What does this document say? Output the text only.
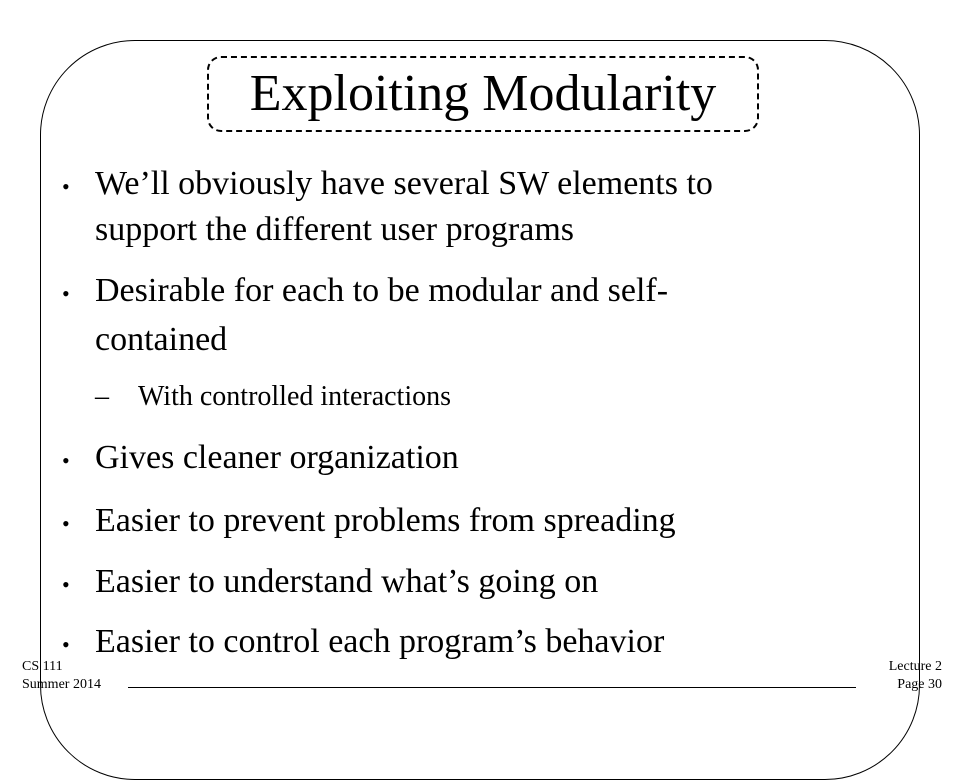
Exploiting Modularity
• We’ll obviously have several SW elements to
support the different user programs
• Desirable for each to be modular and self-
contained
– With controlled interactions
• Gives cleaner organization
• Easier to prevent problems from spreading
• Easier to understand what’s going on
• Easier to control each program’s behavior
CS 111
Summer 2014
Lecture 2
Page 30
